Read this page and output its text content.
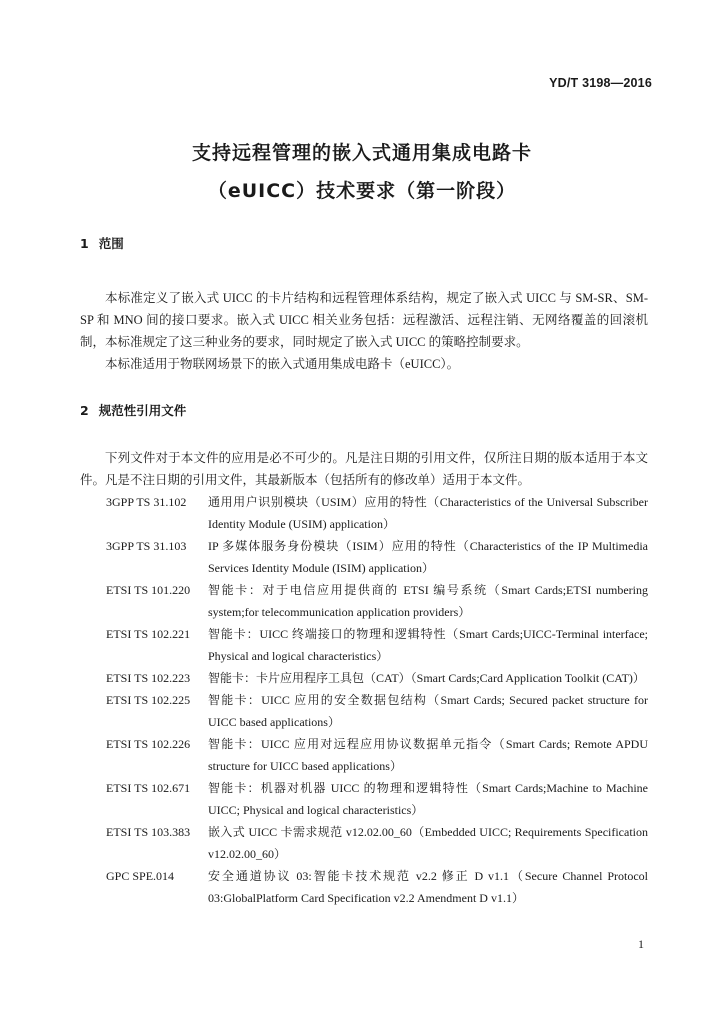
YD/T 3198—2016
支持远程管理的嵌入式通用集成电路卡
（eUICC）技术要求（第一阶段）
1 范围
本标准定义了嵌入式 UICC 的卡片结构和远程管理体系结构，规定了嵌入式 UICC 与 SM-SR、SM-SP 和 MNO 间的接口要求。嵌入式 UICC 相关业务包括：远程激活、远程注销、无网络覆盖的回滚机制，本标准规定了这三种业务的要求，同时规定了嵌入式 UICC 的策略控制要求。
本标准适用于物联网场景下的嵌入式通用集成电路卡（eUICC）。
2 规范性引用文件
下列文件对于本文件的应用是必不可少的。凡是注日期的引用文件，仅所注日期的版本适用于本文件。凡是不注日期的引用文件，其最新版本（包括所有的修改单）适用于本文件。
3GPP TS 31.102	通用用户识别模块（USIM）应用的特性（Characteristics of the Universal Subscriber Identity Module (USIM) application）
3GPP TS 31.103	IP 多媒体服务身份模块（ISIM）应用的特性（Characteristics of the IP Multimedia Services Identity Module (ISIM) application）
ETSI TS 101.220	智能卡：对于电信应用提供商的 ETSI 编号系统（Smart Cards;ETSI numbering system;for telecommunication application providers）
ETSI TS 102.221	智能卡：UICC 终端接口的物理和逻辑特性（Smart Cards;UICC-Terminal interface; Physical and logical characteristics）
ETSI TS 102.223	智能卡：卡片应用程序工具包（CAT）（Smart Cards;Card Application Toolkit (CAT)）
ETSI TS 102.225	智能卡：UICC 应用的安全数据包结构（Smart Cards; Secured packet structure for UICC based applications）
ETSI TS 102.226	智能卡：UICC 应用对远程应用协议数据单元指令（Smart Cards; Remote APDU structure for UICC based applications）
ETSI TS 102.671	智能卡：机器对机器 UICC 的物理和逻辑特性（Smart Cards;Machine to Machine UICC; Physical and logical characteristics）
ETSI TS 103.383	嵌入式 UICC 卡需求规范 v12.02.00_60（Embedded UICC; Requirements Specification v12.02.00_60）
GPC SPE.014	安全通道协议 03:智能卡技术规范 v2.2 修正 D v1.1（Secure Channel Protocol 03:GlobalPlatform Card Specification v2.2 Amendment D v1.1）
1
